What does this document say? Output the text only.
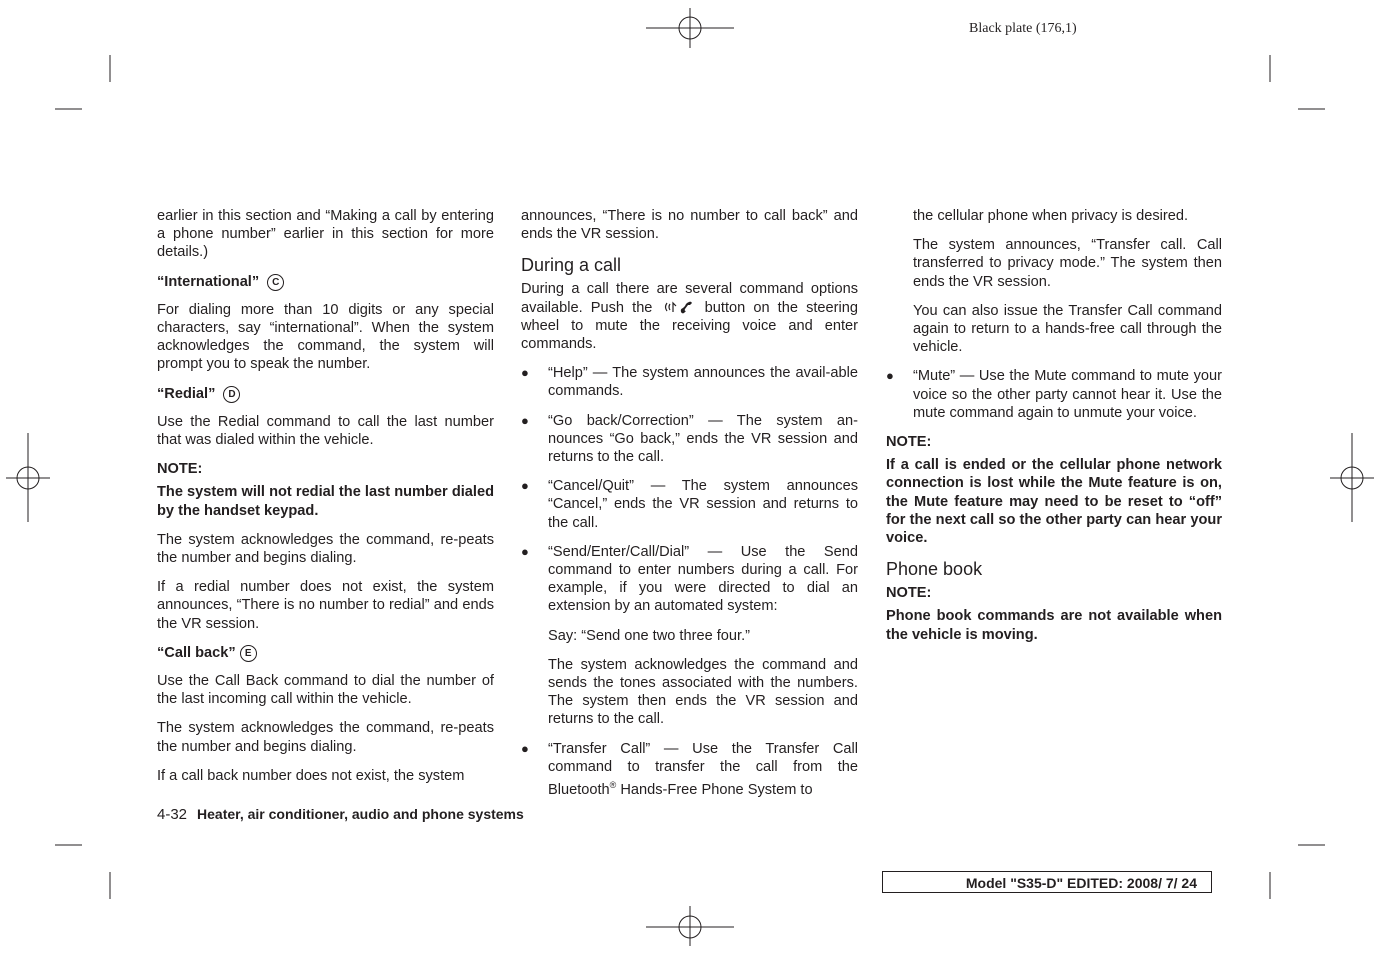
Black plate (176,1)

earlier in this section and “Making a call by entering a phone number” earlier in this section for more details.)

“International” C

For dialing more than 10 digits or any special characters, say “international”. When the system acknowledges the command, the system will prompt you to speak the number.

“Redial” D

Use the Redial command to call the last number that was dialed within the vehicle.

NOTE:

The system will not redial the last number dialed by the handset keypad.

The system acknowledges the command, re-peats the number and begins dialing.

If a redial number does not exist, the system announces, “There is no number to redial” and ends the VR session.

“Call back” E

Use the Call Back command to dial the number of the last incoming call within the vehicle.

The system acknowledges the command, re-peats the number and begins dialing.

If a call back number does not exist, the system

announces, “There is no number to call back” and ends the VR session.

During a call

During a call there are several command options available. Push the	button on the steering wheel to mute the receiving voice and enter commands.

● “Help” — The system announces the avail-able commands.
● “Go back/Correction” — The system an-nounces “Go back,” ends the VR session and returns to the call.
● “Cancel/Quit” — The system announces “Cancel,” ends the VR session and returns to the call.
● “Send/Enter/Call/Dial” — Use the Send command to enter numbers during a call. For example, if you were directed to dial an extension by an automated system:

Say: “Send one two three four.”

The system acknowledges the command and sends the tones associated with the numbers. The system then ends the VR session and returns to the call.

● “Transfer Call” — Use the Transfer Call command to transfer the call from the Bluetooth® Hands-Free Phone System to

the cellular phone when privacy is desired.

The system announces, “Transfer call. Call transferred to privacy mode.” The system then ends the VR session.

You can also issue the Transfer Call command again to return to a hands-free call through the vehicle.

● “Mute” — Use the Mute command to mute your voice so the other party cannot hear it. Use the mute command again to unmute your voice.
NOTE:

If a call is ended or the cellular phone network connection is lost while the Mute feature is on, the Mute feature may need to be reset to “off” for the next call so the other party can hear your voice.

Phone book
NOTE:

Phone book commands are not available when the vehicle is moving.

4-32 Heater, air conditioner, audio and phone systems
Model "S35-D" EDITED: 2008/ 7/ 24
